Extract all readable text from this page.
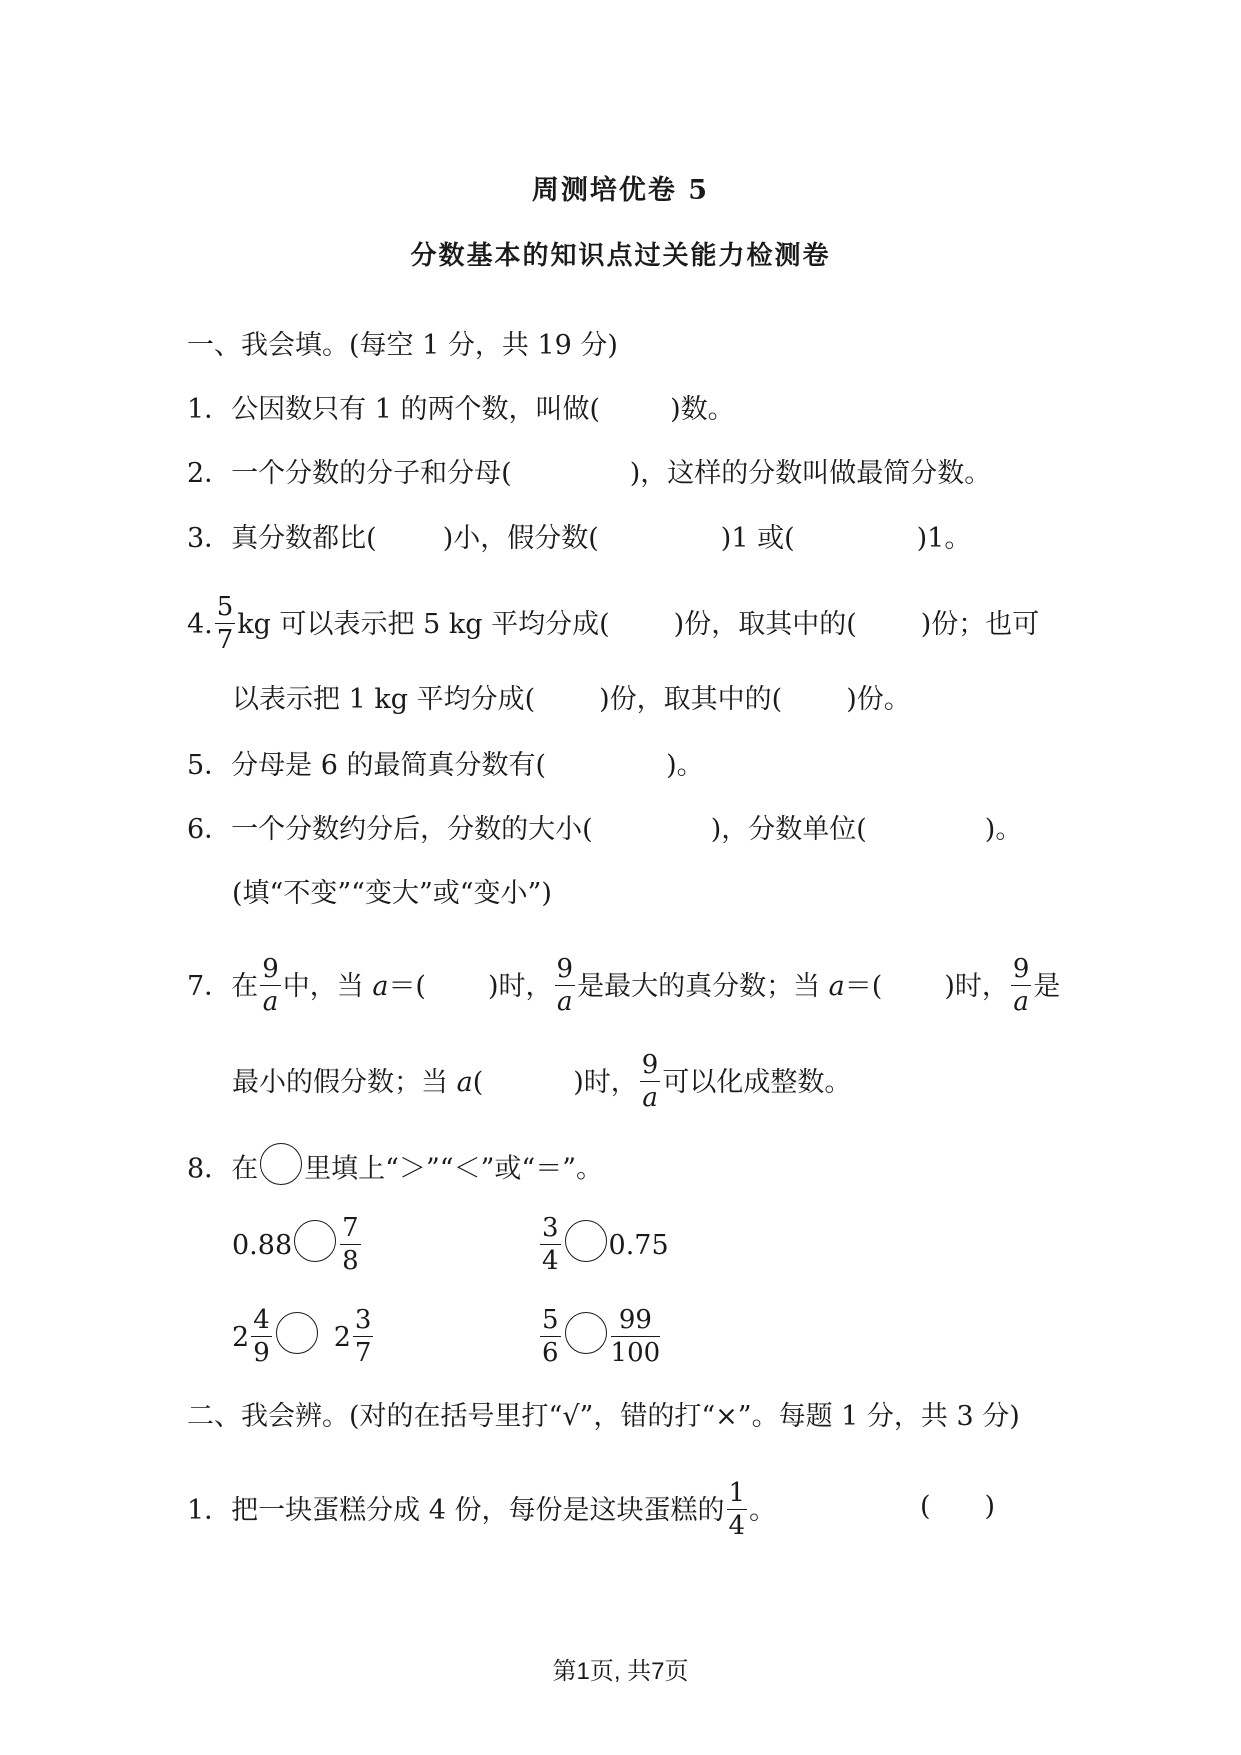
周测培优卷 5
分数基本的知识点过关能力检测卷
一、我会填。(每空 1 分，共 19 分)
1．公因数只有 1 的两个数，叫做(	)数。
2．一个分数的分子和分母(	)，这样的分数叫做最简分数。
3．真分数都比( )小，假分数(	)1 或(	)1。
4. $\frac{5}{7}$ kg 可以表示把 5 kg 平均分成( )份，取其中的( )份；也可
以表示把 1 kg 平均分成( )份，取其中的( )份。
5．分母是 6 的最简真分数有(	)。
6．一个分数约分后，分数的大小(	)，分数单位(	)。
(填“不变”“变大”或“变小”)
7．在 $\frac{9}{a}$ 中，当 a＝( )时， $\frac{9}{a}$ 是最大的真分数；当 a＝( )时， $\frac{9}{a}$ 是
最小的假分数；当 a(	)时， $\frac{9}{a}$ 可以化成整数。
8．在 里填上“＞”“＜”或“＝”。
$0.88 \frac{7}{8}$	$\frac{3}{4} 0.75$
$2 \frac{4}{9} 2 \frac{3}{7}$	$\frac{5}{6} \frac{99}{100}$
二、我会辨。(对的在括号里打“√”，错的打“×”。每题 1 分，共 3 分)
1．把一块蛋糕分成 4 份，每份是这块蛋糕的 $\frac{1}{4}$ 。	(　　)
第1页, 共7页
